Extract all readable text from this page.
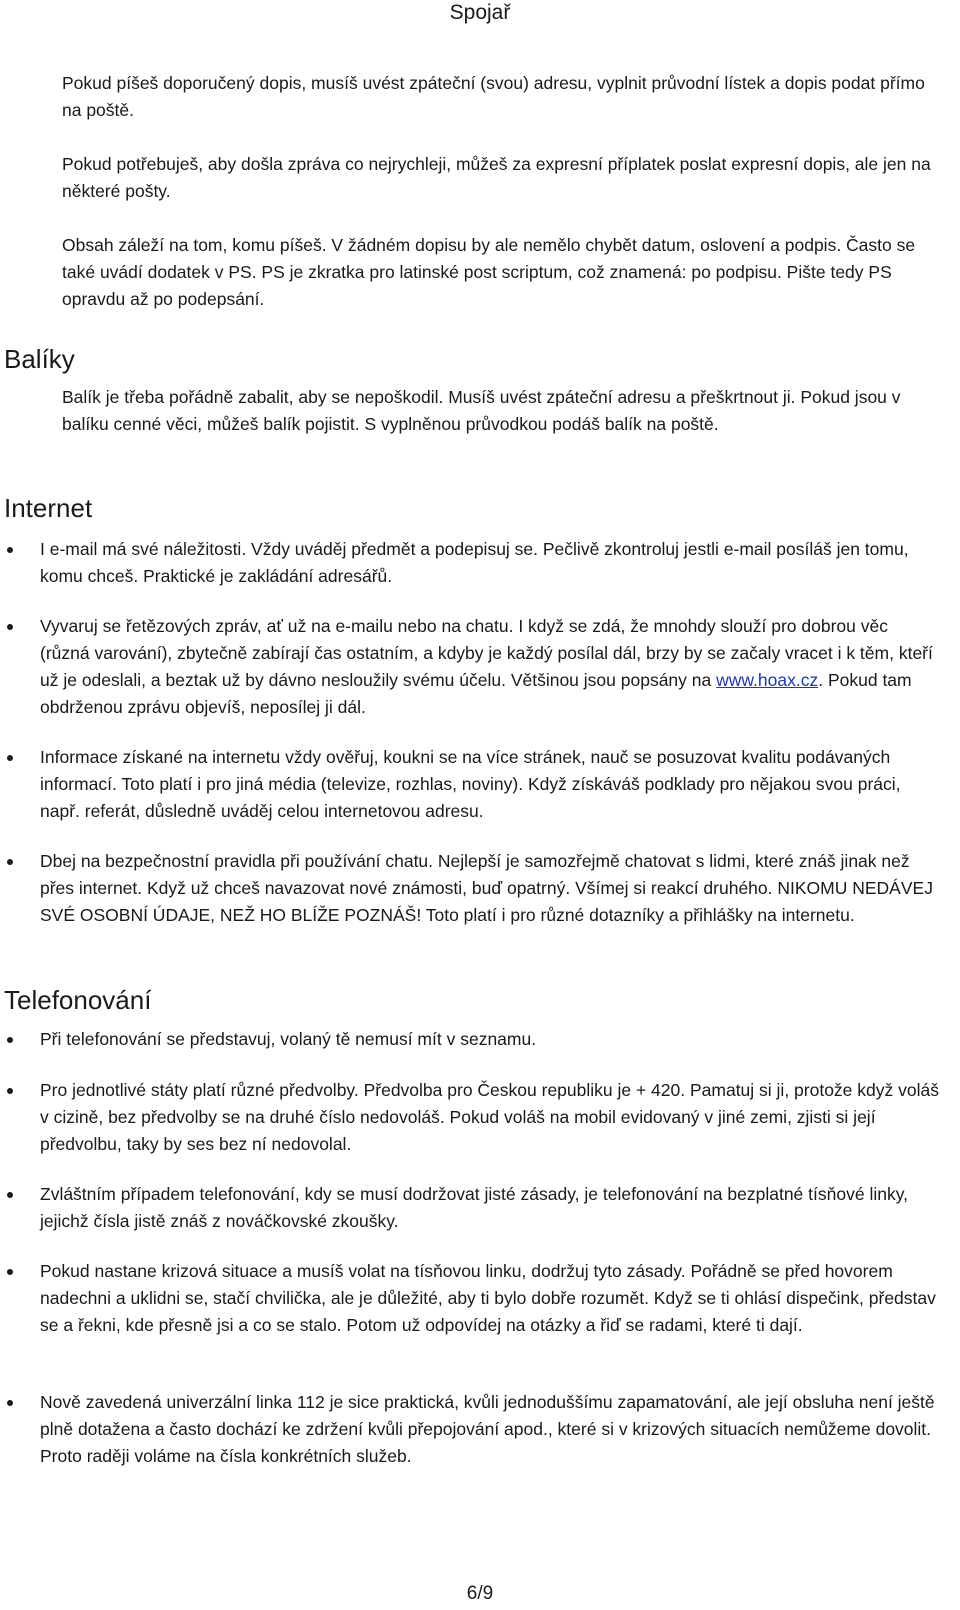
Spojař

Pokud píšeš doporučený dopis, musíš uvést zpáteční (svou) adresu, vyplnit průvodní lístek a dopis podat přímo na poště.

Pokud potřebuješ, aby došla zpráva co nejrychleji, můžeš za expresní příplatek poslat expresní dopis, ale jen na některé pošty.

Obsah záleží na tom, komu píšeš. V žádném dopisu by ale nemělo chybět datum, oslovení a podpis. Často se také uvádí dodatek v PS. PS je zkratka pro latinské post scriptum, což znamená: po podpisu. Pište tedy PS opravdu až po podepsání.

Balíky

Balík je třeba pořádně zabalit, aby se nepoškodil. Musíš uvést zpáteční adresu a přeškrtnout ji. Pokud jsou v balíku cenné věci, můžeš balík pojistit. S vyplněnou průvodkou podáš balík na poště.

Internet
I e-mail má své náležitosti. Vždy uváděj předmět a podepisuj se. Pečlivě zkontroluj jestli e-mail posíláš jen tomu, komu chceš. Praktické je zakládání adresářů.
Vyvaruj se řetězových zpráv, ať už na e-mailu nebo na chatu. I když se zdá, že mnohdy slouží pro dobrou věc (různá varování), zbytečně zabírají čas ostatním, a kdyby je každý posílal dál, brzy by se začaly vracet i k těm, kteří už je odeslali, a beztak už by dávno nesloužily svému účelu. Většinou jsou popsány na www.hoax.cz. Pokud tam obdrženou zprávu objevíš, neposílej ji dál.
Informace získané na internetu vždy ověřuj, koukni se na více stránek, nauč se posuzovat kvalitu podávaných informací. Toto platí i pro jiná média (televize, rozhlas, noviny). Když získáváš podklady pro nějakou svou práci, např. referát, důsledně uváděj celou internetovou adresu.
Dbej na bezpečnostní pravidla při používání chatu. Nejlepší je samozřejmě chatovat s lidmi, které znáš jinak než přes internet. Když už chceš navazovat nové známosti, buď opatrný. Všímej si reakcí druhého. NIKOMU NEDÁVEJ SVÉ OSOBNÍ ÚDAJE, NEŽ HO BLÍŽE POZNÁŠ! Toto platí i pro různé dotazníky a přihlášky na internetu.
Telefonování
Při telefonování se představuj, volaný tě nemusí mít v seznamu.
Pro jednotlivé státy platí různé předvolby. Předvolba pro Českou republiku je + 420. Pamatuj si ji, protože když voláš v cizině, bez předvolby se na druhé číslo nedovoláš. Pokud voláš na mobil evidovaný v jiné zemi, zjisti si její předvolbu, taky by ses bez ní nedovolal.
Zvláštním případem telefonování, kdy se musí dodržovat jisté zásady, je telefonování na bezplatné tísňové linky, jejichž čísla jistě znáš z nováčkovské zkoušky.
Pokud nastane krizová situace a musíš volat na tísňovou linku, dodržuj tyto zásady. Pořádně se před hovorem nadechni a uklidni se, stačí chvilička, ale je důležité, aby ti bylo dobře rozumět. Když se ti ohlásí dispečink, představ se a řekni, kde přesně jsi a co se stalo. Potom už odpovídej na otázky a řiď se radami, které ti dají.
Nově zavedená univerzální linka 112 je sice praktická, kvůli jednoduššímu zapamatování, ale její obsluha není ještě plně dotažena a často dochází ke zdržení kvůli přepojování apod., které si v krizových situacích nemůžeme dovolit. Proto raději voláme na čísla konkrétních služeb.
6/9
